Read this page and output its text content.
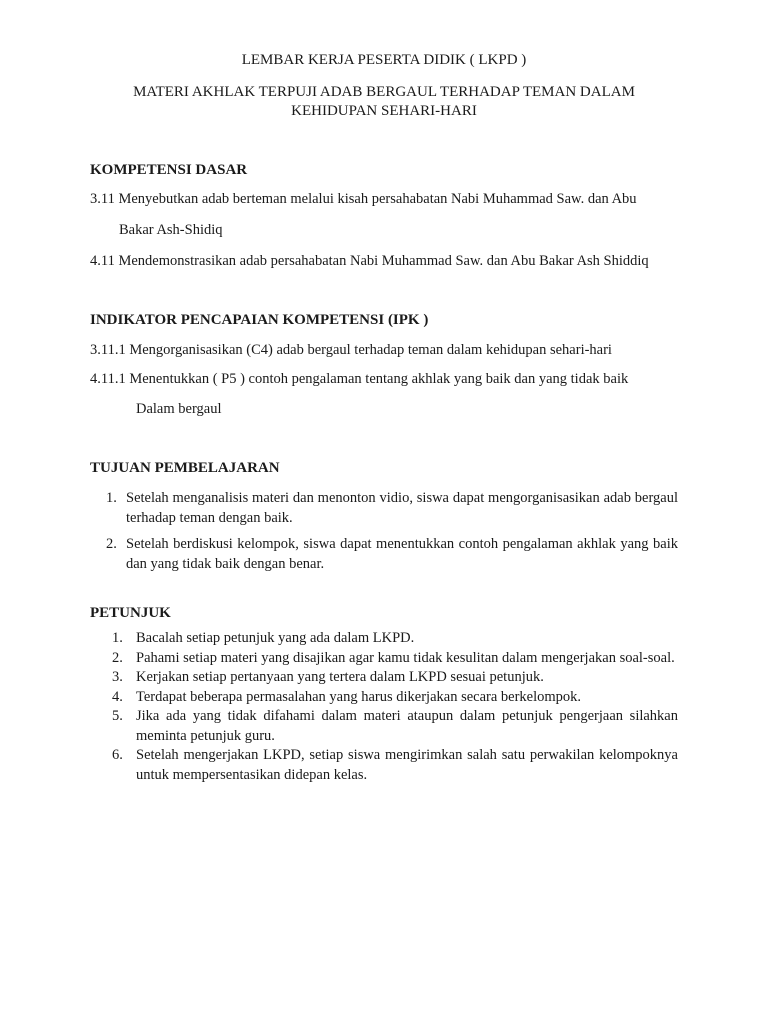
LEMBAR KERJA PESERTA DIDIK ( LKPD )
MATERI AKHLAK TERPUJI ADAB BERGAUL TERHADAP TEMAN DALAM
KEHIDUPAN SEHARI-HARI
KOMPETENSI DASAR
3.11 Menyebutkan adab berteman melalui kisah persahabatan Nabi Muhammad Saw. dan Abu
Bakar Ash-Shidiq
4.11 Mendemonstrasikan adab persahabatan Nabi Muhammad Saw. dan Abu Bakar Ash Shiddiq
INDIKATOR PENCAPAIAN KOMPETENSI (IPK )
3.11.1 Mengorganisasikan (C4) adab bergaul terhadap teman dalam kehidupan sehari-hari
4.11.1 Menentukkan ( P5 ) contoh pengalaman tentang akhlak yang baik dan yang tidak baik
Dalam bergaul
TUJUAN PEMBELAJARAN
1. Setelah menganalisis materi dan menonton vidio, siswa dapat mengorganisasikan adab bergaul terhadap teman dengan baik.
2. Setelah berdiskusi kelompok, siswa dapat menentukkan contoh pengalaman akhlak yang baik dan yang tidak baik dengan benar.
PETUNJUK
1. Bacalah setiap petunjuk yang ada dalam LKPD.
2. Pahami setiap materi yang disajikan agar kamu tidak kesulitan dalam mengerjakan soal-soal.
3. Kerjakan setiap pertanyaan yang tertera dalam LKPD sesuai petunjuk.
4. Terdapat beberapa permasalahan yang harus dikerjakan secara berkelompok.
5. Jika ada yang tidak difahami dalam materi ataupun dalam petunjuk pengerjaan silahkan meminta petunjuk guru.
6. Setelah mengerjakan LKPD, setiap siswa mengirimkan salah satu perwakilan kelompoknya untuk mempersentasikan didepan kelas.
